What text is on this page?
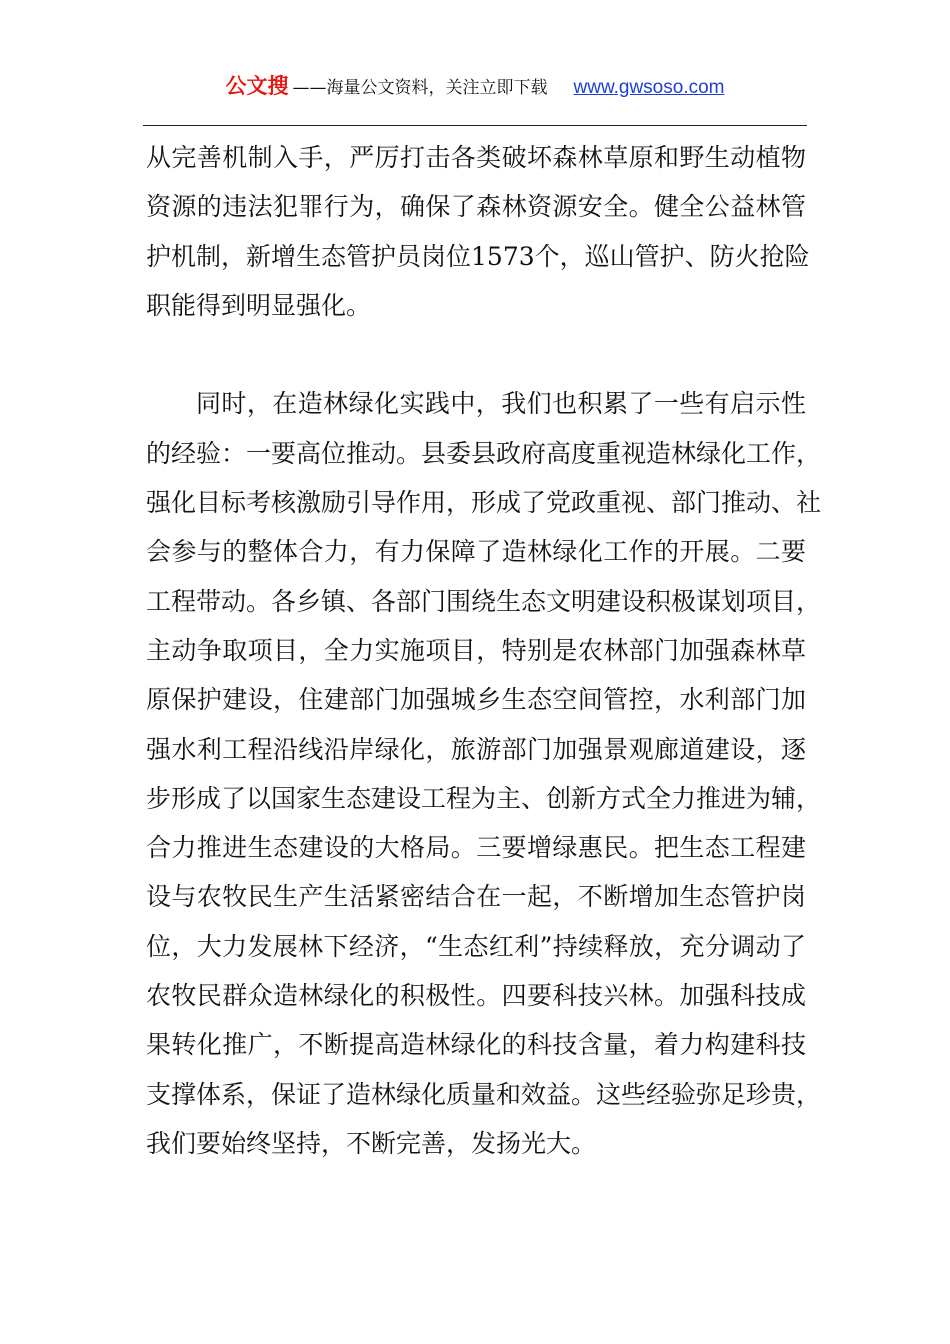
公文搜 ——海量公文资料，关注立即下载 www.gwsoso.com
从完善机制入手，严厉打击各类破坏森林草原和野生动植物
资源的违法犯罪行为，确保了森林资源安全。健全公益林管
护机制，新增生态管护员岗位1573个，巡山管护、防火抢险
职能得到明显强化。
同时，在造林绿化实践中，我们也积累了一些有启示性
的经验：一要高位推动。县委县政府高度重视造林绿化工作，
强化目标考核激励引导作用，形成了党政重视、部门推动、社
会参与的整体合力，有力保障了造林绿化工作的开展。二要
工程带动。各乡镇、各部门围绕生态文明建设积极谋划项目，
主动争取项目，全力实施项目，特别是农林部门加强森林草
原保护建设，住建部门加强城乡生态空间管控，水利部门加
强水利工程沿线沿岸绿化，旅游部门加强景观廊道建设，逐
步形成了以国家生态建设工程为主、创新方式全力推进为辅，
合力推进生态建设的大格局。三要增绿惠民。把生态工程建
设与农牧民生产生活紧密结合在一起，不断增加生态管护岗
位，大力发展林下经济，“生态红利”持续释放，充分调动了
农牧民群众造林绿化的积极性。四要科技兴林。加强科技成
果转化推广，不断提高造林绿化的科技含量，着力构建科技
支撑体系，保证了造林绿化质量和效益。这些经验弥足珍贵，
我们要始终坚持，不断完善，发扬光大。
